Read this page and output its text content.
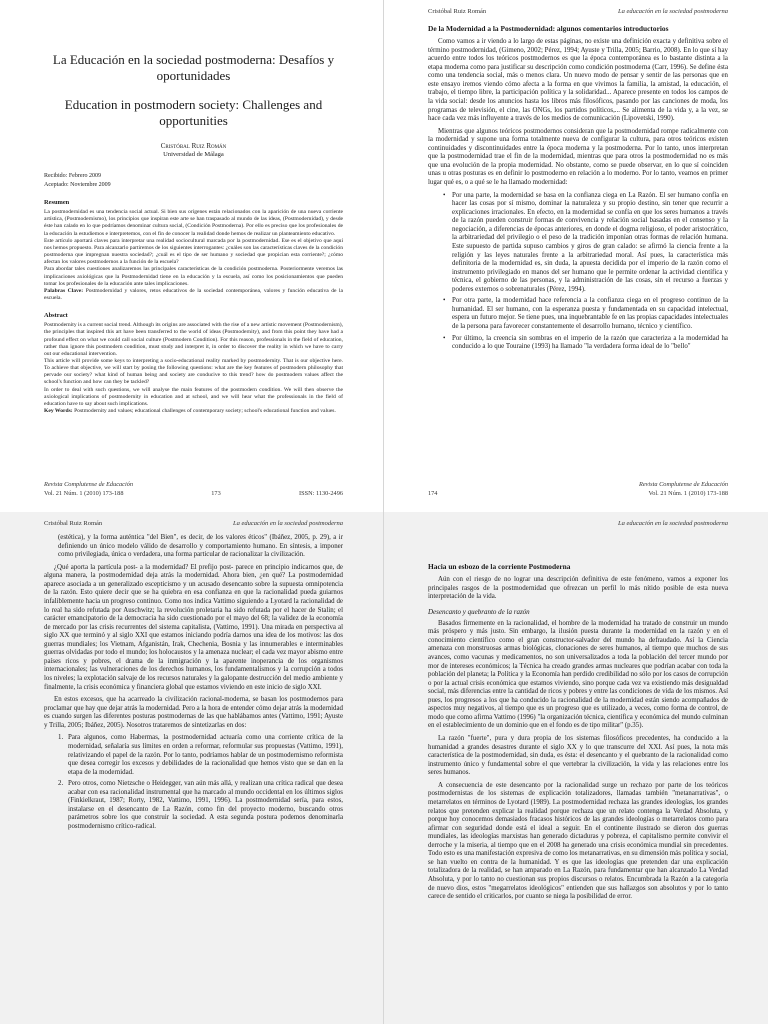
La Educación en la sociedad postmoderna: Desafíos y oportunidades
Education in postmodern society: Challenges and opportunities
Cristóbal Ruiz Román
Universidad de Málaga
Recibido: Febrero 2009
Aceptado: Noviembre 2009
Resumen

La postmodernidad es una tendencia social actual. Si bien sus orígenes están relacionados con la aparición de una nueva corriente artística, (Postmodernismo), los principios que inspiran este arte se han traspasado al mundo de las ideas, (Postmodernidad), y desde éste han calado en lo que podríamos denominar cultura social, (Condición Postmoderna). Por ello es preciso que los profesionales de la educación la estudiemos e interpretemos, con el fin de conocer la realidad donde hemos de realizar un planteamiento educativo.

Este artículo aportará claves para interpretar una realidad sociocultural marcada por la postmodernidad. Ese es el objetivo que aquí nos hemos propuesto. Para alcanzarlo partiremos de los siguientes interrogantes: ¿cuáles son las características claves de la condición postmoderna que impregnan nuestra sociedad?; ¿cuál es el tipo de ser humano y sociedad que propician esta corriente?; ¿cómo afectan los valores postmodernos a la función de la escuela?

Para abordar tales cuestiones analizaremos las principales características de la condición postmoderna. Posteriormente veremos las implicaciones axiológicas que la Postmodernidad tiene en la educación y la escuela, así como los posicionamientos que pueden tomar los profesionales de la educación ante tales implicaciones.

Palabras Clave: Postmodernidad y valores, retos educativos de la sociedad contemporánea, valores y función educativa de la escuela.

Abstract

Postmodernity is a current social trend. Although its origins are associated with the rise of a new artistic movement (Postmodernism), the principles that inspired this art have been transferred to the world of ideas (Postmodernity), and from this point they have had a profound effect on what we could call social culture (Postmodern Condition). For this reason, professionals in the field of education, rather than ignore this postmodern condition, must study and interpret it, in order to discover the reality in which we have to carry out our educational intervention.

This article will provide some keys to interpreting a socio-educational reality marked by postmodernity. That is our objective here. To achieve that objective, we will start by posing the following questions: what are the key features of postmodern philosophy that pervade our society? what kind of human being and society are conducive to this trend? how do postmodern values affect the school's function and how can they be tackled?

In order to deal with such questions, we will analyse the main features of the postmodern condition. We will then observe the axiological implications of postmodernity in education and at school, and we will hear what the professionals in the field of education have to say about such implications.

Key Words: Postmodernity and values; educational challenges of contemporary society; school's educational function and values.

Revista Complutense de Educación
Vol. 21 Núm. 1 (2010) 173-188	173	ISSN: 1130-2496
Cristóbal Ruiz Román	La educación en la sociedad postmoderna
De la Modernidad a la Postmodernidad: algunos comentarios introductorios

Como vamos a ir viendo a lo largo de estas páginas, no existe una definición exacta y definitiva sobre el término postmodernidad, (Gimeno, 2002; Pérez, 1994; Ayuste y Trilla, 2005; Barrio, 2008). En lo que sí hay acuerdo entre todos los teóricos postmodernos es que la época contemporánea es lo bastante distinta a la etapa moderna como para justificar su descripción como condición postmoderna (Carr, 1996). Se define ésta como una tendencia social, más o menos clara. Un nuevo modo de pensar y sentir de las personas que en este ensayo iremos viendo cómo afecta a la forma en que vivimos la familia, la amistad, la educación, el trabajo, el tiempo libre, la participación política y la solidaridad... Aparece presente en todos los campos de la vida social: desde los anuncios hasta los libros más filosóficos, pasando por las canciones de moda, los programas de televisión, el cine, las ONGs, los partidos políticos,... Se alimenta de la vida y, a la vez, se hace cada vez más influyente a través de los medios de comunicación (Lipovetski, 1990).

Mientras que algunos teóricos postmodernos consideran que la postmodernidad rompe radicalmente con la modernidad y supone una forma totalmente nueva de configurar la cultura, para otros teóricos existen continuidades y discontinuidades entre la época moderna y la postmoderna. Por lo tanto, unos interpretan que la postmodernidad trae el fin de la modernidad, mientras que para otros la postmodernidad no es más que una evolución de la propia modernidad. No obstante, como se puede observar, en lo que sí coinciden unas u otras posturas es en definir lo postmoderno en relación a lo moderno. Por lo tanto, veamos en primer lugar qué es, o a qué se le ha llamado modernidad:

• Por una parte, la modernidad se basa en la confianza ciega en La Razón. El ser humano confía en hacer las cosas por sí mismo, dominar la naturaleza y su propio destino, sin tener que recurrir a explicaciones irracionales. En efecto, en la modernidad se confía en que los seres humanos a través de la razón pueden construir formas de convivencia y relación social basadas en el consenso y la negociación, a diferencias de épocas anteriores, en donde el dogma religioso, el poder aristocrático, la arbitrariedad del privilegio o el peso de la tradición imponían otras formas de relación humana. Este supuesto de partida supuso cambios y giros de gran calado: se afirmó la ciencia frente a la religión y las leyes naturales frente a la arbitrariedad moral. Así pues, la característica más definitoria de la modernidad es, sin duda, la apuesta decidida por el imperio de la razón como el instrumento privilegiado en manos del ser humano que le permite ordenar la actividad científica y técnica, el gobierno de las personas, y la administración de las cosas, sin el recurso a fuerzas y poderes externos o sobrenaturales (Pérez, 1994).
• Por otra parte, la modernidad hace referencia a la confianza ciega en el progreso continuo de la humanidad. El ser humano, con la esperanza puesta y fundamentada en su capacidad intelectual, espera un futuro mejor. Se tiene pues, una inquebrantable fe en las propias capacidades intelectuales de la persona para favorecer constantemente el desarrollo humano, técnico y científico.
• Por último, la creencia sin sombras en el imperio de la razón que caracteriza a la modernidad ha conducido a lo que Touraine (1993) ha llamado "la verdadera forma ideal de lo "bello"
174
Revista Complutense de Educación
Vol. 21 Núm. 1 (2010) 173-188
Cristóbal Ruiz Román	La educación en la sociedad postmoderna

(estética), y la forma auténtica "del Bien", es decir, de los valores éticos" (Ibáñez, 2005, p. 29), a ir definiendo un único modelo válido de desarrollo y comportamiento humano. En síntesis, a imponer como privilegiada, única o verdadera, una forma particular de racionalizar la civilización.

¿Qué aporta la partícula post- a la modernidad? El prefijo post- parece en principio indicarnos que, de alguna manera, la postmodernidad deja atrás la modernidad. Ahora bien, ¿en qué? La postmodernidad aparece asociada a un generalizado escepticismo y un acusado desencanto sobre la supuesta omnipotencia de la razón. Esto quiere decir que se ha quiebra en esa confianza en que la racionalidad pueda guiarnos infaliblemente hacia un progreso continuo. Como nos indica Vattimo siguiendo a Lyotard la racionalidad de lo real ha sido refutada por Auschwitz; la revolución proletaria ha sido refutada por el hacer de Stalin; el carácter emancipatorio de la democracia ha sido cuestionado por el mayo del 68; la validez de la economía de mercado por las crisis recurrentes del sistema capitalista, (Vattimo, 1991). Una mirada en perspectiva al siglo XX que terminó y al siglo XXI que estamos iniciando podría darnos una idea de los motivos: las dos guerras mundiales; los Vietnam, Afganistán, Irak, Chechenia, Bosnia y las innumerables e interminables guerras olvidadas por todo el mundo; los holocaustos y la amenaza nuclear; el cada vez mayor abismo entre países ricos y pobres, el drama de la inmigración y la aparente inoperancia de los organismos internacionales; las vulneraciones de los derechos humanos, los fundamentalismos y la corrupción a todos los niveles; la explotación salvaje de los recursos naturales y la galopante destrucción del medio ambiente y finalmente, la crisis económica y financiera global que estamos viviendo en este inicio de siglo XXI.

En estos excesos, que ha acarreado la civilización racional-moderna, se basan los postmodernos para proclamar que hay que dejar atrás la modernidad. Pero a la hora de entender cómo dejar atrás la modernidad es cuando surgen las diferentes posturas postmodernas de las que hablábamos antes (Vattimo, 1991; Ayuste y Trilla, 2005; Ibáñez, 2005). Nosotros trataremos de sintetizarlas en dos:

1. Para algunos, como Habermas, la postmodernidad actuaría como una corriente crítica de la modernidad, señalaría sus límites en orden a reformar, reformular sus propuestas (Vattimo, 1991), relativizando el papel de la razón. Por lo tanto, podríamos hablar de un postmodernismo reformista que desea corregir los excesos y debilidades de la racionalidad que hemos visto que se dan en la etapa de la modernidad.
2. Pero otros, como Nietzsche o Heidegger, van aún más allá, y realizan una crítica radical que desea acabar con esa racionalidad instrumental que ha marcado al mundo occidental en los últimos siglos (Finkielkraut, 1987; Rorty, 1982, Vattimo, 1991, 1996). La postmodernidad sería, para estos, instalarse en el desencanto de La Razón, como fin del proyecto moderno, buscando otros parámetros sobre los que construir la sociedad. A esta segunda postura podemos denominarla postmodernismo crítico-radical.
La educación en la sociedad postmoderna
Hacia un esbozo de la corriente Postmoderna

Aún con el riesgo de no lograr una descripción definitiva de este fenómeno, vamos a exponer los principales rasgos de la postmodernidad que ofrezcan un perfil lo más nítido posible de esta nueva interpretación de la vida.

Desencanto y quebranto de la razón

Basados firmemente en la racionalidad, el hombre de la modernidad ha tratado de construir un mundo más próspero y más justo. Sin embargo, la ilusión puesta durante la modernidad en la razón y en el conocimiento científico como el gran constructor-salvador del mundo ha defraudado. Así la Ciencia amenaza con monstruosas armas biológicas, clonaciones de seres humanos, al tiempo que muchos de sus avances, como vacunas y medicamentos, no son universalizados a toda la población del tercer mundo por mor de intereses económicos; la Técnica ha creado grandes armas nucleares que podrían acabar con toda la población del planeta; la Política y la Economía han perdido credibilidad no sólo por los casos de corrupción o por la actual crisis económica que estamos viviendo, sino porque cada vez va existiendo más desigualdad social, más diferencias entre la cantidad de ricos y pobres y entre las condiciones de vida de los mismos. Así pues, los progresos a los que ha conducido la racionalidad de la modernidad están siendo acompañados de aspectos muy negativos, al tiempo que es un progreso que es utilizado, a veces, como forma de control, de modo que como afirma Vattimo (1996) "la organización técnica, científica y económica del mundo culminan en el establecimiento de un dominio que en el fondo es de tipo militar" (p.35).

La razón "fuerte", pura y dura propia de los sistemas filosóficos precedentes, ha conducido a la humanidad a grandes desastres durante el siglo XX y lo que transcurre del XXI. Así pues, la nota más característica de la postmodernidad, sin duda, es ésta: el desencanto y el quebranto de la racionalidad como instrumento único y fundamental sobre el que vertebrar la civilización, la vida y las relaciones entre los seres humanos.

A consecuencia de este desencanto por la racionalidad surge un rechazo por parte de los teóricos postmodernistas de los sistemas de explicación totalizadores, llamadas también "metanarrativas", o metarrelatos en términos de Lyotard (1989). La postmodernidad rechaza las grandes ideologías, los grandes relatos que pretenden explicar la realidad porque rechaza que un relato contenga la Verdad Absoluta, y porque hoy conocemos demasiados fracasos históricos de las grandes ideologías o metarrelatos como para afirmar con seguridad donde está el ideal a seguir. En el continente ilustrado se dieron dos guerras mundiales, las ideologías marxistas han generado dictaduras y pobreza, el capitalismo permite convivir el derroche y la miseria, al tiempo que en el 2008 ha generado una crisis económica mundial sin precedentes. Todo esto es una manifestación expresiva de como los metanarrativas, en su dimensión más política y social, se han vuelto en contra de la humanidad. Y es que las ideologías que pretenden dar una explicación totalizadora de la realidad, se han amparado en La Razón, para fundamentar que han alcanzado La Verdad Absoluta, y por lo tanto no cuestionan sus propios discursos o relatos. Encumbrada la Razón a la categoría de nuevo dios, estos "megarrelatos ideológicos" entienden que sus hallazgos son absolutos y por lo tanto carece de sentido el criticarlos, por cuanto se niega la posibilidad de error.
